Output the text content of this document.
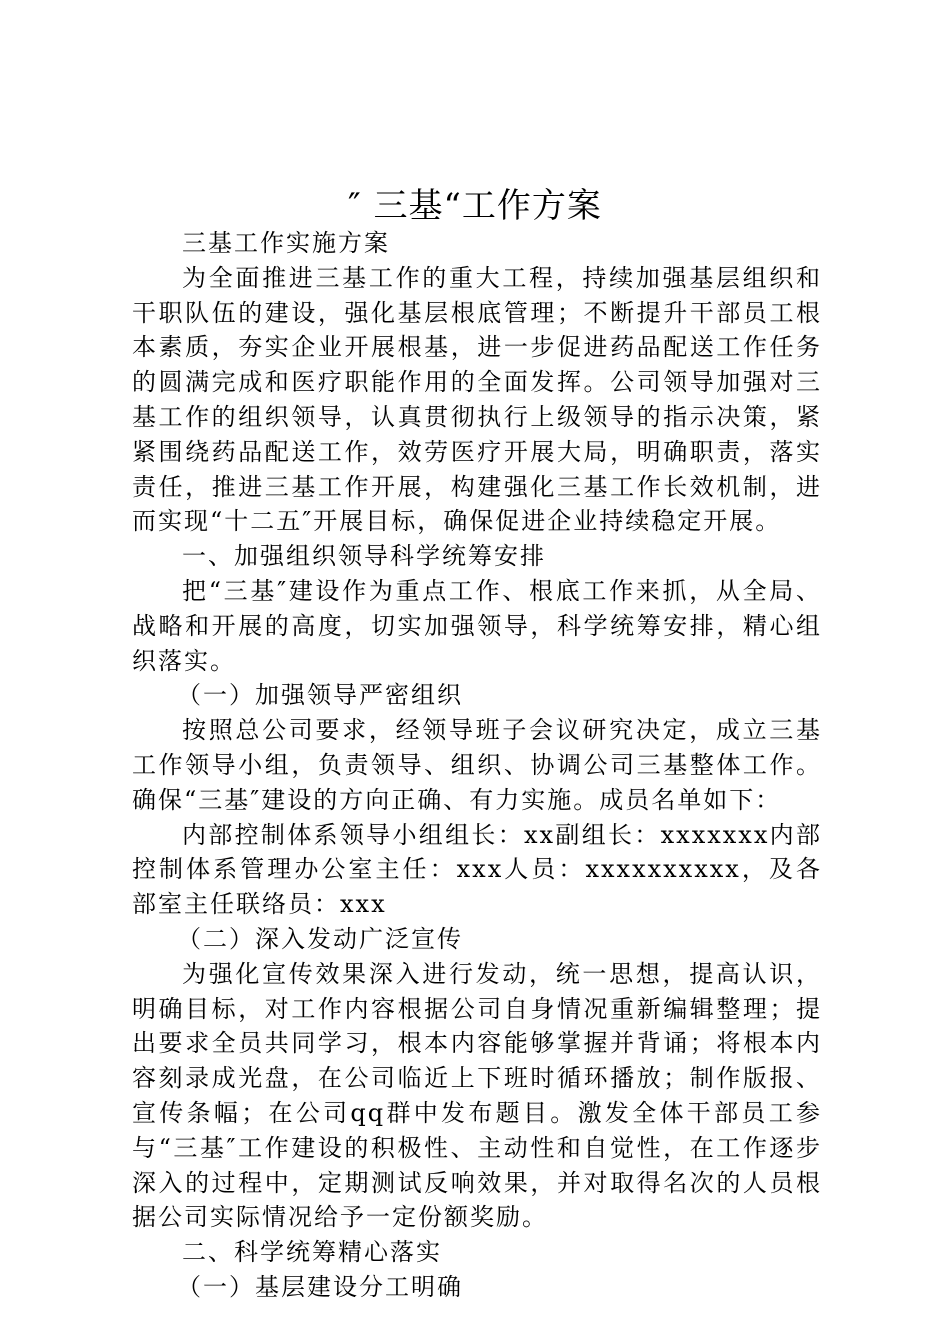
″ 三基“工作方案

三基工作实施方案

为全面推进三基工作的重大工程，持续加强基层组织和干职队伍的建设，强化基层根底管理；不断提升干部员工根本素质，夯实企业开展根基，进一步促进药品配送工作任务的圆满完成和医疗职能作用的全面发挥。公司领导加强对三基工作的组织领导，认真贯彻执行上级领导的指示决策，紧紧围绕药品配送工作，效劳医疗开展大局，明确职责，落实责任，推进三基工作开展，构建强化三基工作长效机制，进而实现“十二五″开展目标，确保促进企业持续稳定开展。

一、加强组织领导科学统筹安排

把“三基″建设作为重点工作、根底工作来抓，从全局、战略和开展的高度，切实加强领导，科学统筹安排，精心组织落实。

（一）加强领导严密组织

按照总公司要求，经领导班子会议研究决定，成立三基工作领导小组，负责领导、组织、协调公司三基整体工作。确保“三基″建设的方向正确、有力实施。成员名单如下：

内部控制体系领导小组组长：xx副组长：xxxxxxx内部控制体系管理办公室主任：xxx人员：xxxxxxxxxx，及各部室主任联络员：xxx

（二）深入发动广泛宣传

为强化宣传效果深入进行发动，统一思想，提高认识，明确目标，对工作内容根据公司自身情况重新编辑整理；提出要求全员共同学习，根本内容能够掌握并背诵；将根本内容刻录成光盘，在公司临近上下班时循环播放；制作版报、宣传条幅；在公司qq群中发布题目。激发全体干部员工参与“三基″工作建设的积极性、主动性和自觉性，在工作逐步深入的过程中，定期测试反响效果，并对取得名次的人员根据公司实际情况给予一定份额奖励。

二、科学统筹精心落实

（一）基层建设分工明确
